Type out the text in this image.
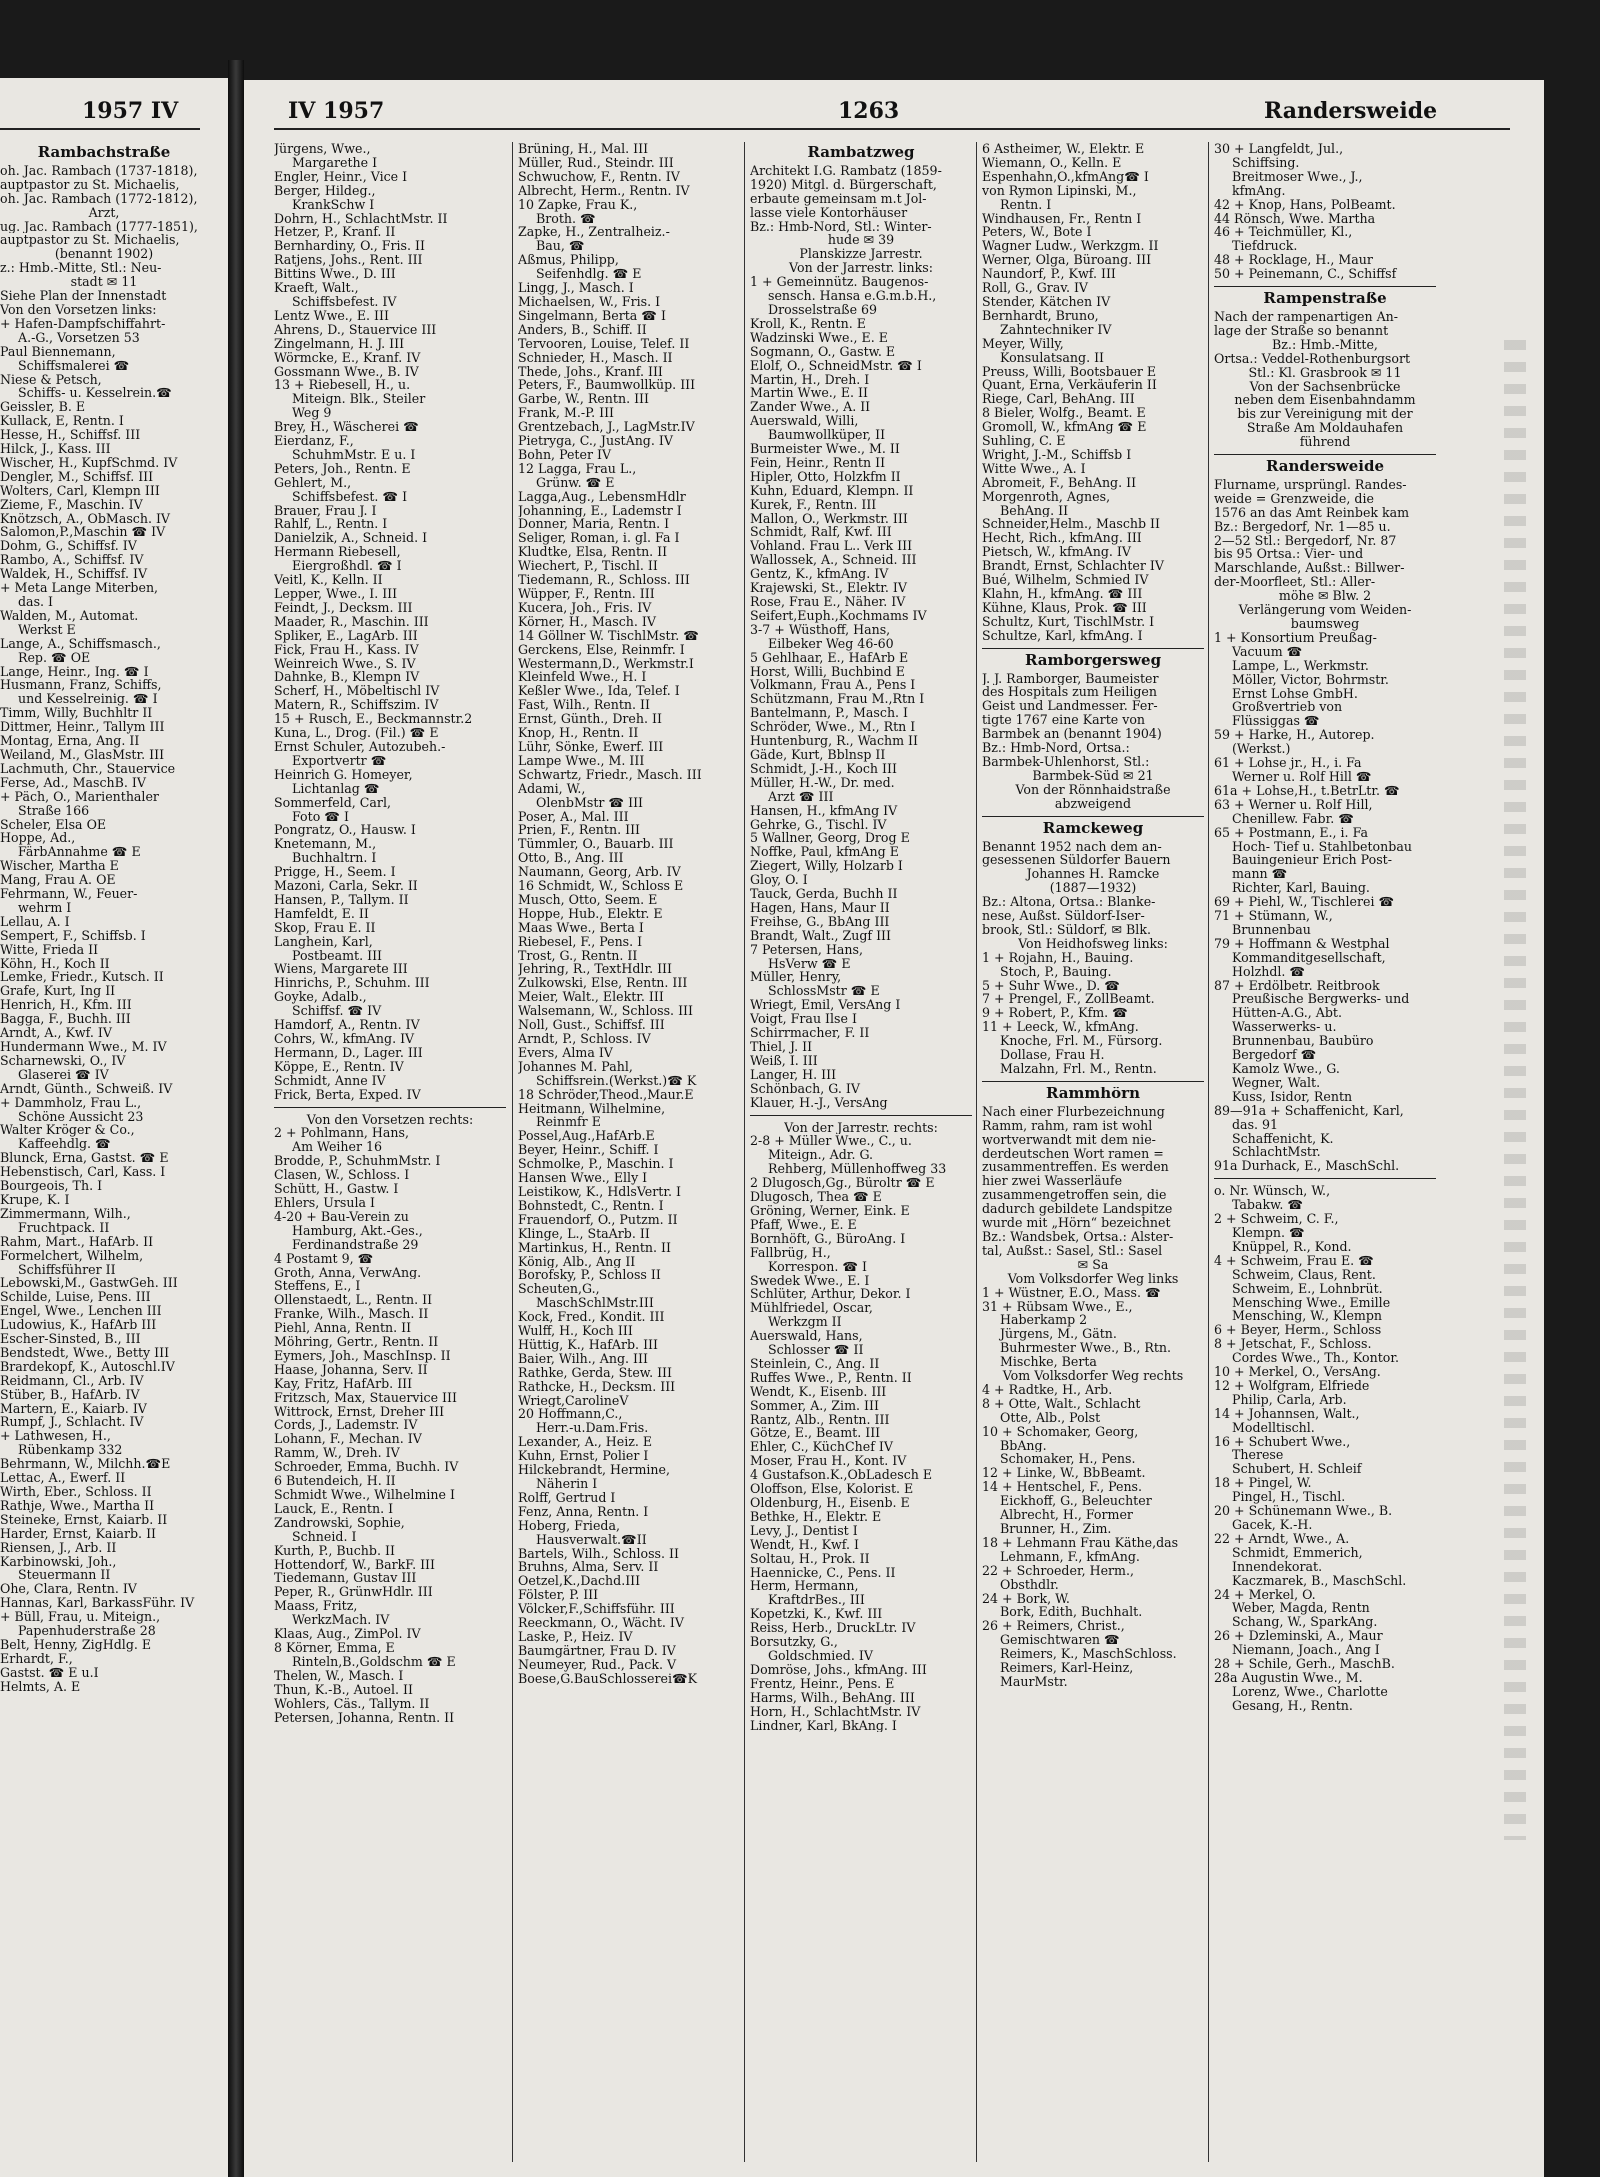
1957 IV
Rambachstraße
oh. Jac. Rambach (1737-1818),
auptpastor zu St. Michaelis,
oh. Jac. Rambach (1772-1812),
Arzt,
ug. Jac. Rambach (1777-1851),
auptpastor zu St. Michaelis,
(benannt 1902)
z.: Hmb.-Mitte, Stl.: Neu-
stadt ✉ 11
Siehe Plan der Innenstadt
Von den Vorsetzen links:
+ Hafen-Dampfschiffahrt-
A.-G., Vorsetzen 53
Paul Biennemann,
Schiffsmalerei ☎
Niese & Petsch,
Schiffs- u. Kesselrein.☎
Geissler, B. E
Kullack, E, Rentn. I
Hesse, H., Schiffsf. III
Hilck, J., Kass. III
Wischer, H., KupfSchmd. IV
Dengler, M., Schiffsf. III
Wolters, Carl, Klempn III
Zieme, F., Maschin. IV
Knötzsch, A., ObMasch. IV
Salomon,P.,Maschin ☎ IV
Dohm, G., Schiffsf. IV
Rambo, A., Schiffsf. IV
Waldek, H., Schiffsf. IV
+ Meta Lange Miterben,
das. I
Walden, M., Automat.
Werkst E
Lange, A., Schiffsmasch.,
Rep. ☎ OE
Lange, Heinr., Ing. ☎ I
Husmann, Franz, Schiffs,
und Kesselreinig. ☎ I
Timm, Willy, Buchhltr II
Dittmer, Heinr., Tallym III
Montag, Erna, Ang. II
Weiland, M., GlasMstr. III
Lachmuth, Chr., Stauervice
Ferse, Ad., MaschB. IV
+ Päch, O., Marienthaler
Straße 166
Scheler, Elsa OE
Hoppe, Ad.,
FärbAnnahme ☎ E
Wischer, Martha E
Mang, Frau A. OE
Fehrmann, W., Feuer-
wehrm I
Lellau, A. I
Sempert, F., Schiffsb. I
Witte, Frieda II
Köhn, H., Koch II
Lemke, Friedr., Kutsch. II
Grafe, Kurt, Ing II
Henrich, H., Kfm. III
Bagga, F., Buchh. III
Arndt, A., Kwf. IV
Hundermann Wwe., M. IV
Scharnewski, O., IV
Glaserei ☎ IV
Arndt, Günth., Schweiß. IV
+ Dammholz, Frau L.,
Schöne Aussicht 23
Walter Kröger & Co.,
Kaffeehdlg. ☎
Blunck, Erna, Gastst. ☎ E
Hebenstisch, Carl, Kass. I
Bourgeois, Th. I
Krupe, K. I
Zimmermann, Wilh.,
Fruchtpack. II
Rahm, Mart., HafArb. II
Formelchert, Wilhelm,
Schiffsführer II
Lebowski,M., GastwGeh. III
Schilde, Luise, Pens. III
Engel, Wwe., Lenchen III
Ludowius, K., HafArb III
Escher-Sinsted, B., III
Bendstedt, Wwe., Betty III
Brardekopf, K., Autoschl.IV
Reidmann, Cl., Arb. IV
Stüber, B., HafArb. IV
Martern, E., Kaiarb. IV
Rumpf, J., Schlacht. IV
+ Lathwesen, H.,
Rübenkamp 332
Behrmann, W., Milchh.☎E
Lettac, A., Ewerf. II
Wirth, Eber., Schloss. II
Rathje, Wwe., Martha II
Steineke, Ernst, Kaiarb. II
Harder, Ernst, Kaiarb. II
Riensen, J., Arb. II
Karbinowski, Joh.,
Steuermann II
Ohe, Clara, Rentn. IV
Hannas, Karl, BarkassFühr. IV
+ Büll, Frau, u. Miteign.,
Papenhuderstraße 28
Belt, Henny, ZigHdlg. E
Erhardt, F.,
Gastst. ☎ E u.I
Helmts, A. E
IV 1957	1263	Randersweide
Jürgens, Wwe.,
Margarethe I
Engler, Heinr., Vice I
Berger, Hildeg.,
KrankSchw I
Dohrn, H., SchlachtMstr. II
Hetzer, P., Kranf. II
Bernhardiny, O., Fris. II
Ratjens, Johs., Rent. III
Bittins Wwe., D. III
Kraeft, Walt.,
Schiffsbefest. IV
Lentz Wwe., E. III
Ahrens, D., Stauervice III
Zingelmann, H. J. III
Wörmcke, E., Kranf. IV
Gossmann Wwe., B. IV
13 + Riebesell, H., u.
Miteign. Blk., Steiler
Weg 9
Brey, H., Wäscherei ☎
Eierdanz, F.,
SchuhmMstr. E u. I
Peters, Joh., Rentn. E
Gehlert, M.,
Schiffsbefest. ☎ I
Brauer, Frau J. I
Rahlf, L., Rentn. I
Danielzik, A., Schneid. I
Hermann Riebesell,
Eiergroßhdl. ☎ I
Veitl, K., Kelln. II
Lepper, Wwe., I. III
Feindt, J., Decksm. III
Maader, R., Maschin. III
Spliker, E., LagArb. III
Fick, Frau H., Kass. IV
Weinreich Wwe., S. IV
Dahnke, B., Klempn IV
Scherf, H., Möbeltischl IV
Matern, R., Schiffszim. IV
15 + Rusch, E., Beckmannstr.2
Kuna, L., Drog. (Fil.) ☎ E
Ernst Schuler, Autozubeh.-
Exportvertr ☎
Heinrich G. Homeyer,
Lichtanlag ☎
Sommerfeld, Carl,
Foto ☎ I
Pongratz, O., Hausw. I
Knetemann, M.,
Buchhaltrn. I
Prigge, H., Seem. I
Mazoni, Carla, Sekr. II
Hansen, P., Tallym. II
Hamfeldt, E. II
Skop, Frau E. II
Langhein, Karl,
Postbeamt. III
Wiens, Margarete III
Hinrichs, P., Schuhm. III
Goyke, Adalb.,
Schiffsf. ☎ IV
Hamdorf, A., Rentn. IV
Cohrs, W., kfmAng. IV
Hermann, D., Lager. III
Köppe, E., Rentn. IV
Schmidt, Anne IV
Frick, Berta, Exped. IV
Von den Vorsetzen rechts:
2 + Pohlmann, Hans,
Am Weiher 16
Brodde, P., SchuhmMstr. I
Clasen, W., Schloss. I
Schütt, H., Gastw. I
Ehlers, Ursula I
4-20 + Bau-Verein zu
Hamburg, Akt.-Ges.,
Ferdinandstraße 29
4 Postamt 9, ☎
Groth, Anna, VerwAng.
Steffens, E., I
Ollenstaedt, L., Rentn. II
Franke, Wilh., Masch. II
Piehl, Anna, Rentn. II
Möhring, Gertr., Rentn. II
Eymers, Joh., MaschInsp. II
Haase, Johanna, Serv. II
Kay, Fritz, HafArb. III
Fritzsch, Max, Stauervice III
Wittrock, Ernst, Dreher III
Cords, J., Lademstr. IV
Lohann, F., Mechan. IV
Ramm, W., Dreh. IV
Schroeder, Emma, Buchh. IV
6 Butendeich, H. II
Schmidt Wwe., Wilhelmine I
Lauck, E., Rentn. I
Zandrowski, Sophie,
Schneid. I
Kurth, P., Buchb. II
Hottendorf, W., BarkF. III
Tiedemann, Gustav III
Peper, R., GrünwHdlr. III
Maass, Fritz,
WerkzMach. IV
Klaas, Aug., ZimPol. IV
8 Körner, Emma, E
Rinteln,B.,Goldschm ☎ E
Thelen, W., Masch. I
Thun, K.-B., Autoel. II
Wohlers, Cäs., Tallym. II
Petersen, Johanna, Rentn. II
Brüning, H., Mal. III
Müller, Rud., Steindr. III
Schwuchow, F., Rentn. IV
Albrecht, Herm., Rentn. IV
10 Zapke, Frau K.,
Broth. ☎
Zapke, H., Zentralheiz.-
Bau, ☎
Aßmus, Philipp,
Seifenhdlg. ☎ E
Lingg, J., Masch. I
Michaelsen, W., Fris. I
Singelmann, Berta ☎ I
Anders, B., Schiff. II
Tervooren, Louise, Telef. II
Schnieder, H., Masch. II
Thede, Johs., Kranf. III
Peters, F., Baumwollküp. III
Garbe, W., Rentn. III
Frank, M.-P. III
Grentzebach, J., LagMstr.IV
Pietryga, C., JustAng. IV
Bohn, Peter IV
12 Lagga, Frau L.,
Grünw. ☎ E
Lagga,Aug., LebensmHdlr
Johanning, E., Lademstr I
Donner, Maria, Rentn. I
Seliger, Roman, i. gl. Fa I
Kludtke, Elsa, Rentn. II
Wiechert, P., Tischl. II
Tiedemann, R., Schloss. III
Wüpper, F., Rentn. III
Kucera, Joh., Fris. IV
Körner, H., Masch. IV
14 Göllner W. TischlMstr. ☎
Gerckens, Else, Reinmfr. I
Westermann,D., Werkmstr.I
Kleinfeld Wwe., H. I
Keßler Wwe., Ida, Telef. I
Fast, Wilh., Rentn. II
Ernst, Günth., Dreh. II
Knop, H., Rentn. II
Lühr, Sönke, Ewerf. III
Lampe Wwe., M. III
Schwartz, Friedr., Masch. III
Adami, W.,
OlenbMstr ☎ III
Poser, A., Mal. III
Prien, F., Rentn. III
Tümmler, O., Bauarb. III
Otto, B., Ang. III
Naumann, Georg, Arb. IV
16 Schmidt, W., Schloss E
Musch, Otto, Seem. E
Hoppe, Hub., Elektr. E
Maas Wwe., Berta I
Riebesel, F., Pens. I
Trost, G., Rentn. II
Jehring, R., TextHdlr. III
Zulkowski, Else, Rentn. III
Meier, Walt., Elektr. III
Walsemann, W., Schloss. III
Noll, Gust., Schiffsf. III
Arndt, P., Schloss. IV
Evers, Alma IV
Johannes M. Pahl,
Schiffsrein.(Werkst.)☎ K
18 Schröder,Theod.,Maur.E
Heitmann, Wilhelmine,
Reinmfr E
Possel,Aug.,HafArb.E
Beyer, Heinr., Schiff. I
Schmolke, P., Maschin. I
Hansen Wwe., Elly I
Leistikow, K., HdlsVertr. I
Bohnstedt, C., Rentn. I
Frauendorf, O., Putzm. II
Klinge, L., StaArb. II
Martinkus, H., Rentn. II
König, Alb., Ang II
Borofsky, P., Schloss II
Scheuten,G.,
MaschSchlMstr.III
Kock, Fred., Kondit. III
Wulff, H., Koch III
Hüttig, K., HafArb. III
Baier, Wilh., Ang. III
Rathke, Gerda, Stew. III
Rathcke, H., Decksm. III
Wriegt,CarolineV
20 Hoffmann,C.,
Herr.-u.Dam.Fris.
Lexander, A., Heiz. E
Kuhn, Ernst, Polier I
Hilckebrandt, Hermine,
Näherin I
Rolff, Gertrud I
Fenz, Anna, Rentn. I
Hoberg, Frieda,
Hausverwalt.☎II
Bartels, Wilh., Schloss. II
Bruhns, Alma, Serv. II
Oetzel,K.,Dachd.III
Fölster, P. III
Völcker,F.,Schiffsführ. III
Reeckmann, O., Wächt. IV
Laske, P., Heiz. IV
Baumgärtner, Frau D. IV
Neumeyer, Rud., Pack. V
Boese,G.BauSchlosserei☎K
Rambatzweg
Architekt I.G. Rambatz (1859-
1920) Mitgl. d. Bürgerschaft,
erbaute gemeinsam m.t Jol-
lasse viele Kontorhäuser
Bz.: Hmb-Nord, Stl.: Winter-
hude ✉ 39
Planskizze Jarrestr.
Von der Jarrestr. links:
1 + Gemeinnütz. Baugenos-
sensch. Hansa e.G.m.b.H.,
Drosselstraße 69
Kroll, K., Rentn. E
Wadzinski Wwe., E. E
Sogmann, O., Gastw. E
Elolf, O., SchneidMstr. ☎ I
Martin, H., Dreh. I
Martin Wwe., E. II
Zander Wwe., A. II
Auerswald, Willi,
Baumwollküper, II
Burmeister Wwe., M. II
Fein, Heinr., Rentn II
Hipler, Otto, Holzkfm II
Kuhn, Eduard, Klempn. II
Kurek, F., Rentn. III
Mallon, O., Werkmstr. III
Schmidt, Ralf, Kwf. III
Vohland. Frau L.. Verk III
Wallossek, A., Schneid. III
Gentz, K., kfmAng. IV
Krajewski, St., Elektr. IV
Rose, Frau E., Näher. IV
Seifert,Euph.,Kochmams IV
3-7 + Wüsthoff, Hans,
Eilbeker Weg 46-60
5 Gehlhaar, E., HafArb E
Horst, Willi, Buchbind E
Volkmann, Frau A., Pens I
Schützmann, Frau M.,Rtn I
Bantelmann, P., Masch. I
Schröder, Wwe., M., Rtn I
Huntenburg, R., Wachm II
Gäde, Kurt, Bblnsp II
Schmidt, J.-H., Koch III
Müller, H.-W., Dr. med.
Arzt ☎ III
Hansen, H., kfmAng IV
Gehrke, G., Tischl. IV
5 Wallner, Georg, Drog E
Noffke, Paul, kfmAng E
Ziegert, Willy, Holzarb I
Gloy, O. I
Tauck, Gerda, Buchh II
Hagen, Hans, Maur II
Freihse, G., BbAng III
Brandt, Walt., Zugf III
7 Petersen, Hans,
HsVerw ☎ E
Müller, Henry,
SchlossMstr ☎ E
Wriegt, Emil, VersAng I
Voigt, Frau Ilse I
Schirrmacher, F. II
Thiel, J. II
Weiß, I. III
Langer, H. III
Schönbach, G. IV
Klauer, H.-J., VersAng
Von der Jarrestr. rechts:
2-8 + Müller Wwe., C., u.
Miteign., Adr. G.
Rehberg, Müllenhoffweg 33
2 Dlugosch,Gg., Büroltr ☎ E
Dlugosch, Thea ☎ E
Gröning, Werner, Eink. E
Pfaff, Wwe., E. E
Bornhöft, G., BüroAng. I
Fallbrüg, H.,
Korrespon. ☎ I
Swedek Wwe., E. I
Schlüter, Arthur, Dekor. I
Mühlfriedel, Oscar,
Werkzgm II
Auerswald, Hans,
Schlosser ☎ II
Steinlein, C., Ang. II
Ruffes Wwe., P., Rentn. II
Wendt, K., Eisenb. III
Sommer, A., Zim. III
Rantz, Alb., Rentn. III
Götze, E., Beamt. III
Ehler, C., KüchChef IV
Moser, Frau H., Kont. IV
4 Gustafson.K.,ObLadesch E
Oloffson, Else, Kolorist. E
Oldenburg, H., Eisenb. E
Bethke, H., Elektr. E
Levy, J., Dentist I
Wendt, H., Kwf. I
Soltau, H., Prok. II
Haennicke, C., Pens. II
Herm, Hermann,
KraftdrBes., III
Kopetzki, K., Kwf. III
Reiss, Herb., DruckLtr. IV
Borsutzky, G.,
Goldschmied. IV
Domröse, Johs., kfmAng. III
Frentz, Heinr., Pens. E
Harms, Wilh., BehAng. III
Horn, H., SchlachtMstr. IV
Lindner, Karl, BkAng. I
6 Astheimer, W., Elektr. E
Wiemann, O., Kelln. E
Espenhahn,O.,kfmAng☎ I
von Rymon Lipinski, M.,
Rentn. I
Windhausen, Fr., Rentn I
Peters, W., Bote I
Wagner Ludw., Werkzgm. II
Werner, Olga, Büroang. III
Naundorf, P., Kwf. III
Roll, G., Grav. IV
Stender, Kätchen IV
Bernhardt, Bruno,
Zahntechniker IV
Meyer, Willy,
Konsulatsang. II
Preuss, Willi, Bootsbauer E
Quant, Erna, Verkäuferin II
Riege, Carl, BehAng. III
8 Bieler, Wolfg., Beamt. E
Gromoll, W., kfmAng ☎ E
Suhling, C. E
Wright, J.-M., Schiffsb I
Witte Wwe., A. I
Abromeit, F., BehAng. II
Morgenroth, Agnes,
BehAng. II
Schneider,Helm., Maschb II
Hecht, Rich., kfmAng. III
Pietsch, W., kfmAng. IV
Brandt, Ernst, Schlachter IV
Bué, Wilhelm, Schmied IV
Klahn, H., kfmAng. ☎ III
Kühne, Klaus, Prok. ☎ III
Schultz, Kurt, TischlMstr. I
Schultze, Karl, kfmAng. I
Ramborgersweg
J. J. Ramborger, Baumeister
des Hospitals zum Heiligen
Geist und Landmesser. Fer-
tigte 1767 eine Karte von
Barmbek an (benannt 1904)
Bz.: Hmb-Nord, Ortsa.:
Barmbek-Uhlenhorst, Stl.:
Barmbek-Süd ✉ 21
Von der Rönnhaidstraße
abzweigend
Ramckeweg
Benannt 1952 nach dem an-
gesessenen Süldorfer Bauern
Johannes H. Ramcke
(1887—1932)
Bz.: Altona, Ortsa.: Blanke-
nese, Außst. Süldorf-Iser-
brook, Stl.: Süldorf, ✉ Blk.
Von Heidhofsweg links:
1 + Rojahn, H., Bauing.
Stoch, P., Bauing.
5 + Suhr Wwe., D. ☎
7 + Prengel, F., ZollBeamt.
9 + Robert, P., Kfm. ☎
11 + Leeck, W., kfmAng.
Knoche, Frl. M., Fürsorg.
Dollase, Frau H.
Malzahn, Frl. M., Rentn.
Rammhörn
Nach einer Flurbezeichnung
Ramm, rahm, ram ist wohl
wortverwandt mit dem nie-
derdeutschen Wort ramen =
zusammentreffen. Es werden
hier zwei Wasserläufe
zusammengetroffen sein, die
dadurch gebildete Landspitze
wurde mit „Hörn“ bezeichnet
Bz.: Wandsbek, Ortsa.: Alster-
tal, Außst.: Sasel, Stl.: Sasel
✉ Sa
Vom Volksdorfer Weg links
1 + Wüstner, E.O., Mass. ☎
31 + Rübsam Wwe., E.,
Haberkamp 2
Jürgens, M., Gätn.
Buhrmester Wwe., B., Rtn.
Mischke, Berta
Vom Volksdorfer Weg rechts
4 + Radtke, H., Arb.
8 + Otte, Walt., Schlacht
Otte, Alb., Polst
10 + Schomaker, Georg,
BbAng.
Schomaker, H., Pens.
12 + Linke, W., BbBeamt.
14 + Hentschel, F., Pens.
Eickhoff, G., Beleuchter
Albrecht, H., Former
Brunner, H., Zim.
18 + Lehmann Frau Käthe,das
Lehmann, F., kfmAng.
22 + Schroeder, Herm.,
Obsthdlr.
24 + Bork, W.
Bork, Edith, Buchhalt.
26 + Reimers, Christ.,
Gemischtwaren ☎
Reimers, K., MaschSchloss.
Reimers, Karl-Heinz,
MaurMstr.
30 + Langfeldt, Jul.,
Schiffsing.
Breitmoser Wwe., J.,
kfmAng.
42 + Knop, Hans, PolBeamt.
44 Rönsch, Wwe. Martha
46 + Teichmüller, Kl.,
Tiefdruck.
48 + Rocklage, H., Maur
50 + Peinemann, C., Schiffsf
Rampenstraße
Nach der rampenartigen An-
lage der Straße so benannt
Bz.: Hmb.-Mitte,
Ortsa.: Veddel-Rothenburgsort
Stl.: Kl. Grasbrook ✉ 11
Von der Sachsenbrücke
neben dem Eisenbahndamm
bis zur Vereinigung mit der
Straße Am Moldauhafen
führend
Randersweide
Flurname, ursprüngl. Randes-
weide = Grenzweide, die
1576 an das Amt Reinbek kam
Bz.: Bergedorf, Nr. 1—85 u.
2—52 Stl.: Bergedorf, Nr. 87
bis 95 Ortsa.: Vier- und
Marschlande, Außst.: Billwer-
der-Moorfleet, Stl.: Aller-
möhe ✉ Blw. 2
Verlängerung vom Weiden-
baumsweg
1 + Konsortium Preußag-
Vacuum ☎
Lampe, L., Werkmstr.
Möller, Victor, Bohrmstr.
Ernst Lohse GmbH.
Großvertrieb von
Flüssiggas ☎
59 + Harke, H., Autorep.
(Werkst.)
61 + Lohse jr., H., i. Fa
Werner u. Rolf Hill ☎
61a + Lohse,H., t.BetrLtr. ☎
63 + Werner u. Rolf Hill,
Chenillew. Fabr. ☎
65 + Postmann, E., i. Fa
Hoch- Tief u. Stahlbetonbau
Bauingenieur Erich Post-
mann ☎
Richter, Karl, Bauing.
69 + Piehl, W., Tischlerei ☎
71 + Stümann, W.,
Brunnenbau
79 + Hoffmann & Westphal
Kommanditgesellschaft,
Holzhdl. ☎
87 + Erdölbetr. Reitbrook
Preußische Bergwerks- und
Hütten-A.G., Abt.
Wasserwerks- u.
Brunnenbau, Baubüro
Bergedorf ☎
Kamolz Wwe., G.
Wegner, Walt.
Kuss, Isidor, Rentn
89—91a + Schaffenicht, Karl,
das. 91
Schaffenicht, K.
SchlachtMstr.
91a Durhack, E., MaschSchl.
o. Nr. Wünsch, W.,
Tabakw. ☎
2 + Schweim, C. F.,
Klempn. ☎
Knüppel, R., Kond.
4 + Schweim, Frau E. ☎
Schweim, Claus, Rent.
Schweim, E., Lohnbrüt.
Mensching Wwe., Emille
Mensching, W., Klempn
6 + Beyer, Herm., Schloss
8 + Jetschat, F., Schloss.
Cordes Wwe., Th., Kontor.
10 + Merkel, O., VersAng.
12 + Wolfgram, Elfriede
Philip, Carla, Arb.
14 + Johannsen, Walt.,
Modelltischl.
16 + Schubert Wwe.,
Therese
Schubert, H. Schleif
18 + Pingel, W.
Pingel, H., Tischl.
20 + Schünemann Wwe., B.
Gacek, K.-H.
22 + Arndt, Wwe., A.
Schmidt, Emmerich,
Innendekorat.
Kaczmarek, B., MaschSchl.
24 + Merkel, O.
Weber, Magda, Rentn
Schang, W., SparkAng.
26 + Dzleminski, A., Maur
Niemann, Joach., Ang I
28 + Schile, Gerh., MaschB.
28a Augustin Wwe., M.
Lorenz, Wwe., Charlotte
Gesang, H., Rentn.
